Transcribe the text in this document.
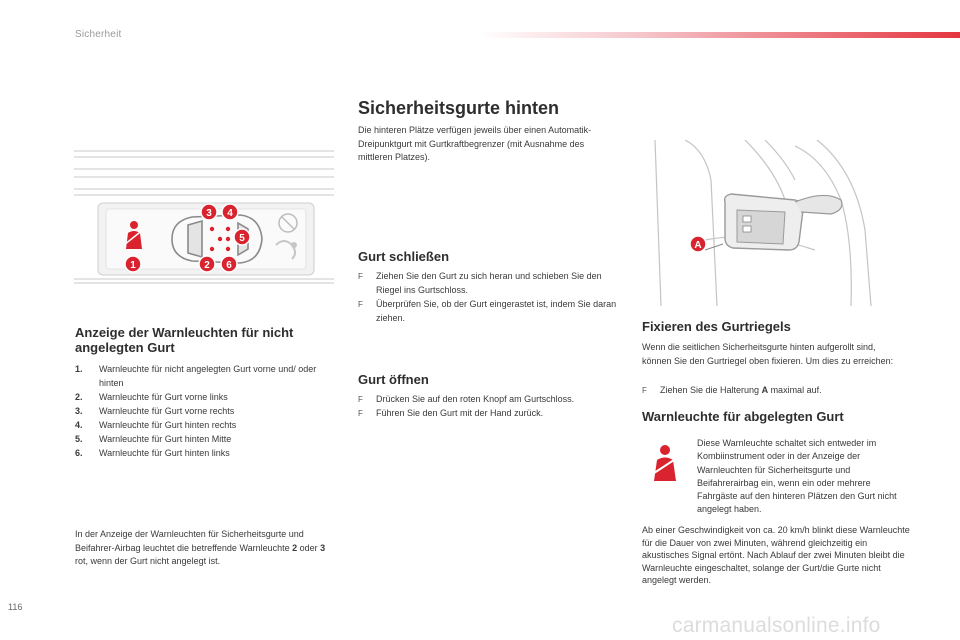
Sicherheit
1	2
3 4
5
6
Anzeige der Warnleuchten für nicht angelegten Gurt
1. Warnleuchte für nicht angelegten Gurt vorne und/ oder hinten
2. Warnleuchte für Gurt vorne links
3. Warnleuchte für Gurt vorne rechts
4. Warnleuchte für Gurt hinten rechts
5. Warnleuchte für Gurt hinten Mitte
6. Warnleuchte für Gurt hinten links
In der Anzeige der Warnleuchten für Sicherheitsgurte und Beifahrer-Airbag leuchtet die betreffende Warnleuchte 2 oder 3 rot, wenn der Gurt nicht angelegt ist.
Sicherheitsgurte hinten
Die hinteren Plätze verfügen jeweils über einen Automatik-Dreipunktgurt mit Gurtkraftbegrenzer (mit Ausnahme des mittleren Platzes).
Gurt schließen
F Ziehen Sie den Gurt zu sich heran und schieben Sie den Riegel ins Gurtschloss.
F Überprüfen Sie, ob der Gurt eingerastet ist, indem Sie daran ziehen.
Gurt öffnen
F Drücken Sie auf den roten Knopf am Gurtschloss.
F Führen Sie den Gurt mit der Hand zurück.
A
Fixieren des Gurtriegels
Wenn die seitlichen Sicherheitsgurte hinten aufgerollt sind, können Sie den Gurtriegel oben fixieren. Um dies zu erreichen:
F Ziehen Sie die Halterung A maximal auf.
Warnleuchte für abgelegten Gurt
Diese Warnleuchte schaltet sich entweder im Kombiinstrument oder in der Anzeige der Warnleuchten für Sicherheitsgurte und Beifahrerairbag ein, wenn ein oder mehrere Fahrgäste auf den hinteren Plätzen den Gurt nicht angelegt haben.
Ab einer Geschwindigkeit von ca. 20 km/h blinkt diese Warnleuchte für die Dauer von zwei Minuten, während gleichzeitig ein akustisches Signal ertönt. Nach Ablauf der zwei Minuten bleibt die Warnleuchte eingeschaltet, solange der Gurt/die Gurte nicht angelegt werden.
116
carmanualsonline.info
